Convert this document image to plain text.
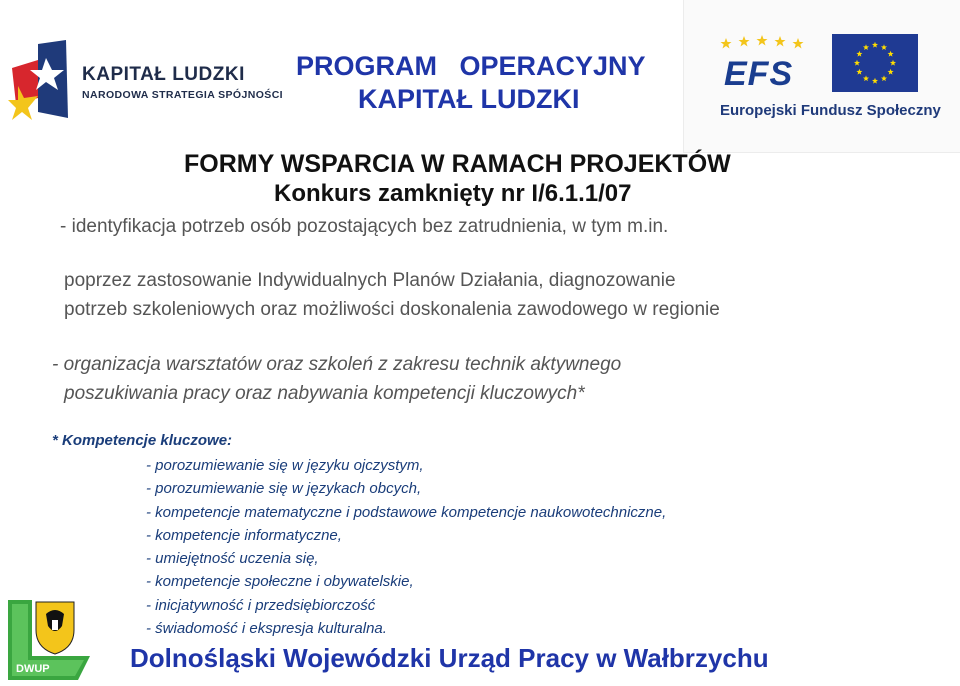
KAPITAŁ LUDZKI
NARODOWA STRATEGIA SPÓJNOŚCI
PROGRAM   OPERACYJNY
KAPITAŁ LUDZKI
EFS
Europejski Fundusz Społeczny
FORMY WSPARCIA W RAMACH PROJEKTÓW
Konkurs zamknięty nr I/6.1.1/07
- identyfikacja potrzeb osób pozostających bez zatrudnienia, w tym m.in.
poprzez zastosowanie Indywidualnych Planów Działania, diagnozowanie
potrzeb szkoleniowych oraz możliwości doskonalenia zawodowego w regionie
- organizacja warsztatów oraz szkoleń z zakresu technik aktywnego
poszukiwania pracy oraz nabywania kompetencji kluczowych*
* Kompetencje kluczowe:
- porozumiewanie się w języku ojczystym,
- porozumiewanie się w językach obcych,
- kompetencje matematyczne i podstawowe kompetencje naukowotechniczne,
- kompetencje informatyczne,
- umiejętność uczenia się,
- kompetencje społeczne i obywatelskie,
- inicjatywność i przedsiębiorczość
- świadomość i ekspresja kulturalna.
DWUP	Dolnośląski Wojewódzki Urząd Pracy w Wałbrzychu
